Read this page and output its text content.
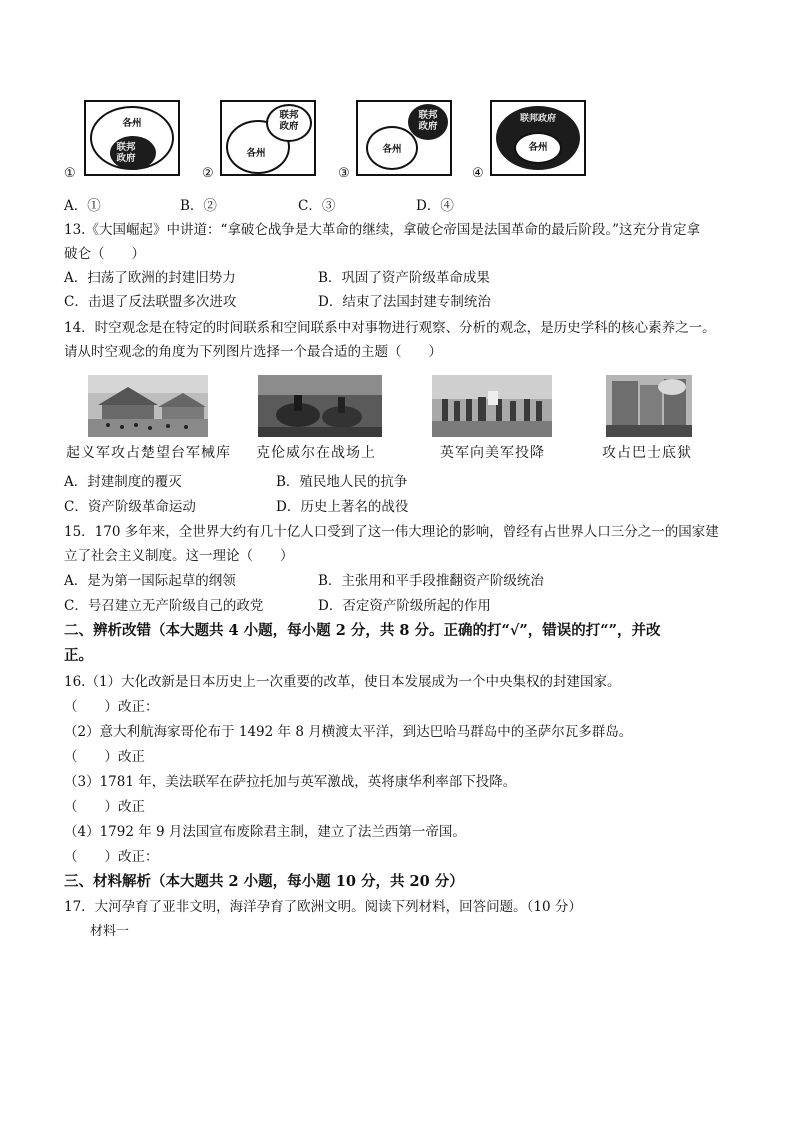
各州
联邦政府
①
各州
联邦政府
②
各州
联邦政府
③
联邦政府
各州
④
A．①	B．②	C．③	D．④
13.《大国崛起》中讲道：“拿破仑战争是大革命的继续，拿破仑帝国是法国革命的最后阶段。”这充分肯定拿
破仑（　　）
A．扫荡了欧洲的封建旧势力	B．巩固了资产阶级革命成果
C．击退了反法联盟多次进攻	D．结束了法国封建专制统治
14．时空观念是在特定的时间联系和空间联系中对事物进行观察、分析的观念，是历史学科的核心素养之一。
请从时空观念的角度为下列图片选择一个最合适的主题（　　）
起义军攻占楚望台军械库 克伦威尔在战场上	英军向美军投降	攻占巴士底狱
A．封建制度的覆灭	B．殖民地人民的抗争
C．资产阶级革命运动	D．历史上著名的战役
15．170 多年来，全世界大约有几十亿人口受到了这一伟大理论的影响，曾经有占世界人口三分之一的国家建
立了社会主义制度。这一理论（　　）
A．是为第一国际起草的纲领	B．主张用和平手段推翻资产阶级统治
C．号召建立无产阶级自己的政党	D．否定资产阶级所起的作用
二、辨析改错（本大题共 4 小题，每小题 2 分，共 8 分。正确的打“√”，错误的打“”，并改
正。
16.（1）大化改新是日本历史上一次重要的改革，使日本发展成为一个中央集权的封建国家。
（　　）改正：
（2）意大利航海家哥伦布于 1492 年 8 月横渡太平洋，到达巴哈马群岛中的圣萨尔瓦多群岛。
（　　）改正
（3）1781 年，美法联军在萨拉托加与英军激战，英将康华利率部下投降。
（　　）改正
（4）1792 年 9 月法国宣布废除君主制，建立了法兰西第一帝国。
（　　）改正：
三、材料解析（本大题共 2 小题，每小题 10 分，共 20 分）
17．大河孕育了亚非文明，海洋孕育了欧洲文明。阅读下列材料，回答问题。（10 分）
材料一
